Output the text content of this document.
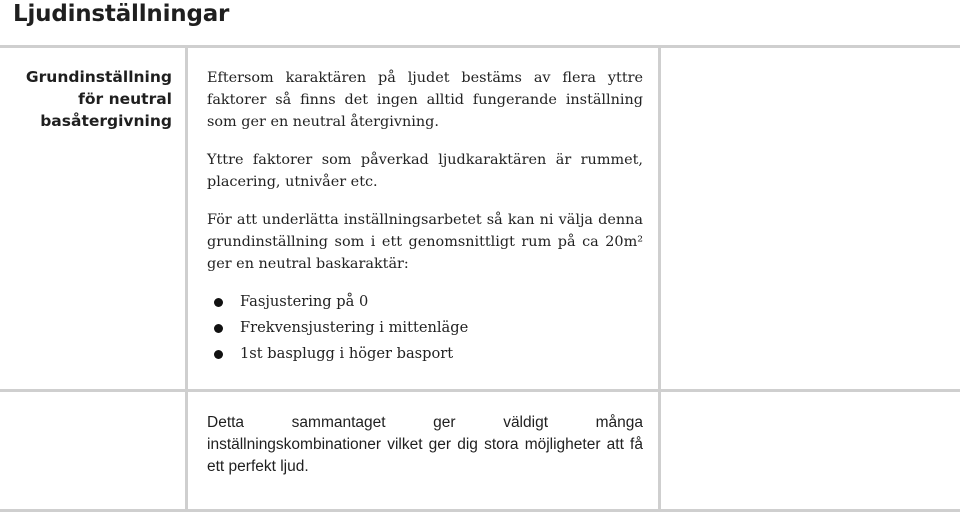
Ljudinställningar
Grundinställning för neutral basåtergivning

Eftersom karaktären på ljudet bestäms av flera yttre faktorer så finns det ingen alltid fungerande inställning som ger en neutral återgivning.

Yttre faktorer som påverkad ljudkaraktären är rummet, placering, utnivåer etc.

För att underlätta inställningsarbetet så kan ni välja denna grundinställning som i ett genomsnittligt rum på ca 20m² ger en neutral baskaraktär:

Fasjustering på 0
Frekvensjustering i mittenläge
1st basplugg i höger basport
Detta sammantaget ger väldigt många inställningskombinationer vilket ger dig stora möjligheter att få ett perfekt ljud.
